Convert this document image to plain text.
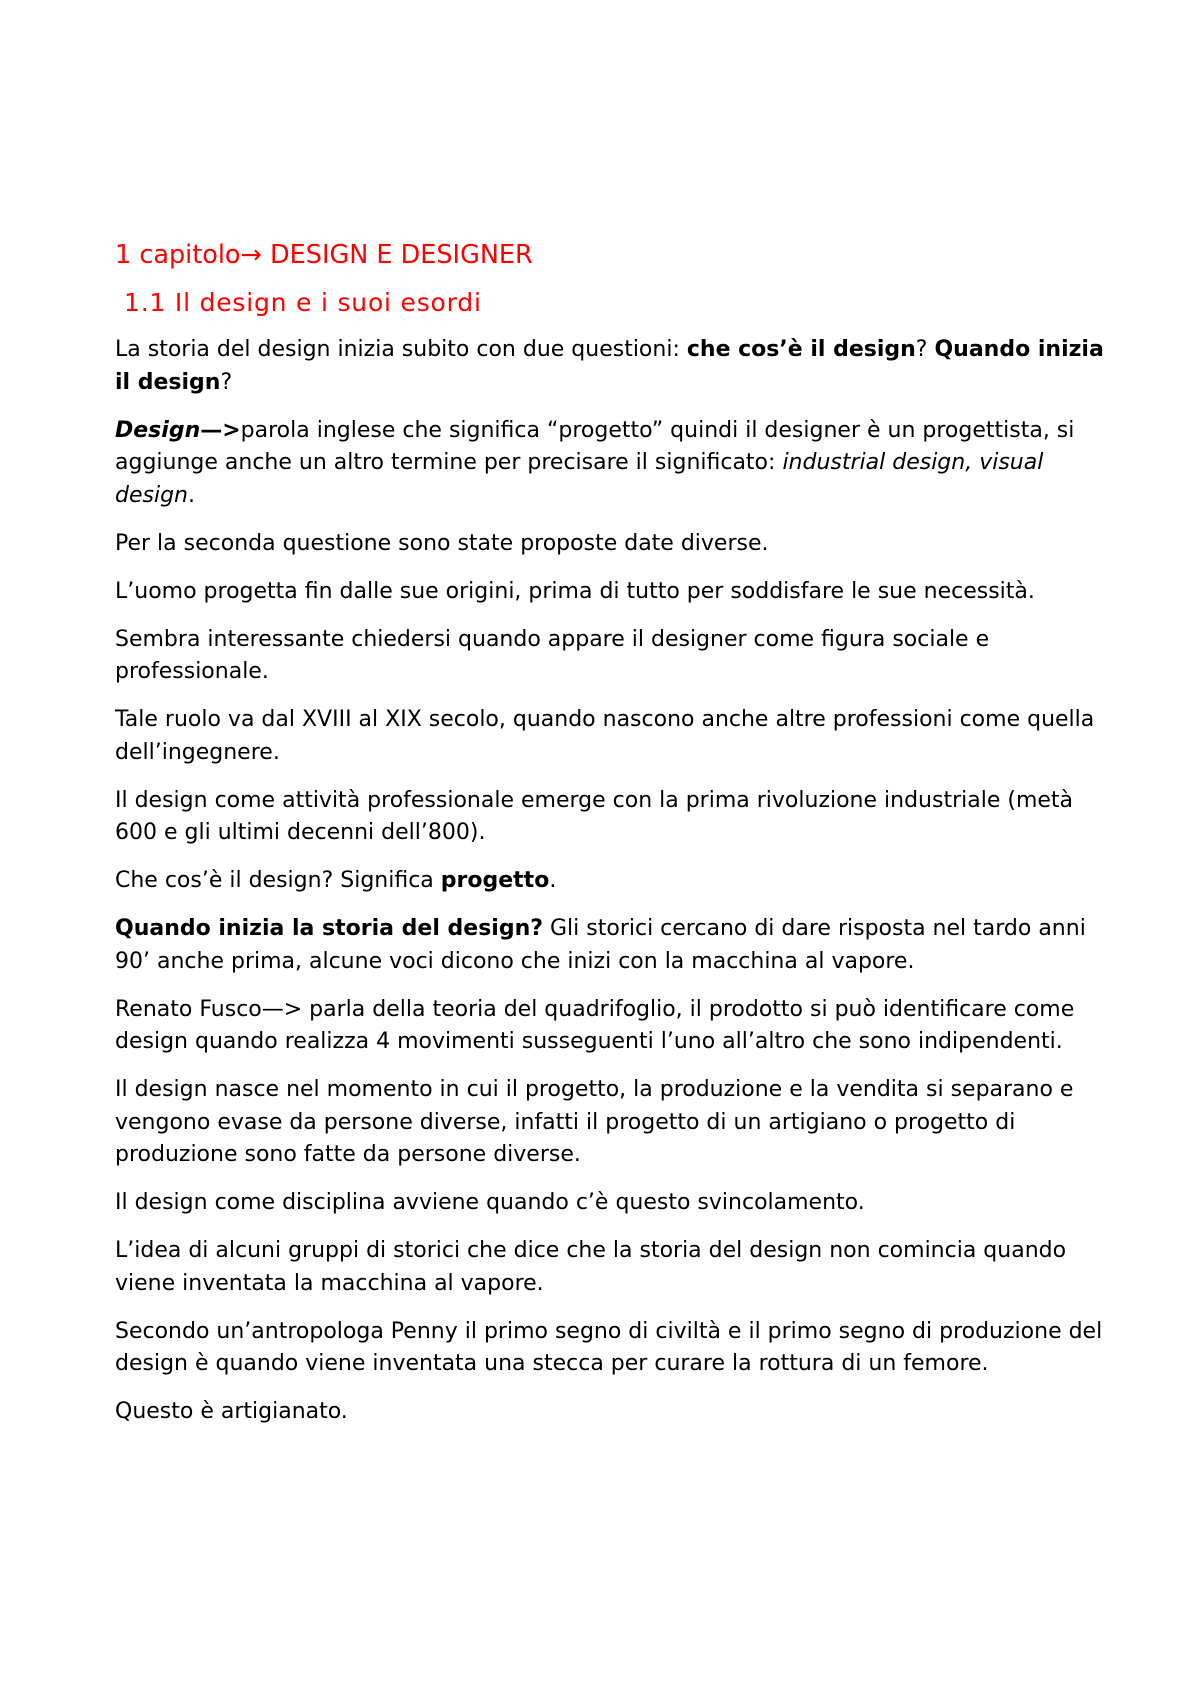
1 capitolo→ DESIGN E DESIGNER
1.1 Il design e i suoi esordi
La storia del design inizia subito con due questioni: che cos’è il design? Quando inizia il design?
Design—>parola inglese che significa “progetto” quindi il designer è un progettista, si aggiunge anche un altro termine per precisare il significato: industrial design, visual design.
Per la seconda questione sono state proposte date diverse.
L’uomo progetta fin dalle sue origini, prima di tutto per soddisfare le sue necessità.
Sembra interessante chiedersi quando appare il designer come figura sociale e professionale.
Tale ruolo va dal XVIII al XIX secolo, quando nascono anche altre professioni come quella dell’ingegnere.
Il design come attività professionale emerge con la prima rivoluzione industriale (metà 600 e gli ultimi decenni dell’800).
Che cos’è il design? Significa progetto.
Quando inizia la storia del design? Gli storici cercano di dare risposta nel tardo anni 90’ anche prima, alcune voci dicono che inizi con la macchina al vapore.
Renato Fusco—> parla della teoria del quadrifoglio, il prodotto si può identificare come design quando realizza 4 movimenti susseguenti l’uno all’altro che sono indipendenti.
Il design nasce nel momento in cui il progetto, la produzione e la vendita si separano e vengono evase da persone diverse, infatti il progetto di un artigiano o progetto di produzione sono fatte da persone diverse.
Il design come disciplina avviene quando c’è questo svincolamento.
L’idea di alcuni gruppi di storici che dice che la storia del design non comincia quando viene inventata la macchina al vapore.
Secondo un’antropologa Penny il primo segno di civiltà e il primo segno di produzione del design è quando viene inventata una stecca per curare la rottura di un femore.
Questo è artigianato.
